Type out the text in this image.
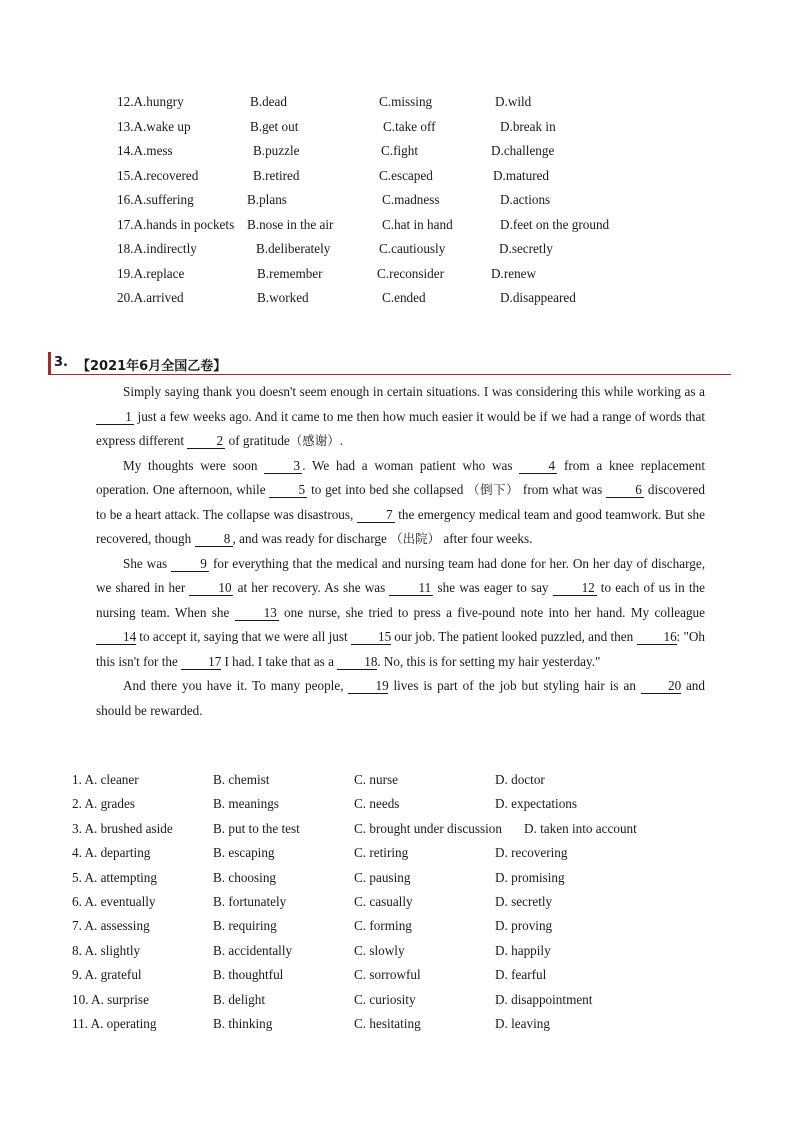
12.A.hungry	B.dead	C.missing	D.wild
13.A.wake up	B.get out	C.take off	D.break in
14.A.mess	B.puzzle	C.fight	D.challenge
15.A.recovered	B.retired	C.escaped	D.matured
16.A.suffering	B.plans	C.madness	D.actions
17.A.hands in pockets B.nose in the air	C.hat in hand	D.feet on the ground
18.A.indirectly	B.deliberately	C.cautiously	D.secretly
19.A.replace	B.remember	C.reconsider	D.renew
20.A.arrived	B.worked	C.ended	D.disappeared
3. 【2021年6月全国乙卷】

Simply saying thank you doesn't seem enough in certain situations. I was considering this while working as a 1 just a few weeks ago. And it came to me then how much easier it would be if we had a range of words that express different 2 of gratitude（感谢）.

My thoughts were soon 3 . We had a woman patient who was 4 from a knee replacement operation. One afternoon, while 5 to get into bed she collapsed （倒下） from what was 6 discovered to be a heart attack. The collapse was disastrous, 7 the emergency medical team and good teamwork. But she recovered, though 8 , and was ready for discharge （出院） after four weeks.

She was 9 for everything that the medical and nursing team had done for her. On her day of discharge, we shared in her 10 at her recovery. As she was 11 she was eager to say 12 to each of us in the nursing team. When she 13 one nurse, she tried to press a five-pound note into her hand. My colleague 14 to accept it, saying that we were all just 15 our job. The patient looked puzzled, and then 16: "Oh this isn't for the 17 I had. I take that as a 18. No, this is for setting my hair yesterday."

And there you have it. To many people, 19 lives is part of the job but styling hair is an 20 and should be rewarded.

1. A. cleaner	B. chemist	C. nurse	D. doctor
2. A. grades	B. meanings	C. needs	D. expectations
3. A. brushed aside	B. put to the test	C. brought under discussion D. taken into account
4. A. departing	B. escaping	C. retiring	D. recovering
5. A. attempting	B. choosing	C. pausing	D. promising
6. A. eventually	B. fortunately	C. casually	D. secretly
7. A. assessing	B. requiring	C. forming	D. proving
8. A. slightly	B. accidentally	C. slowly	D. happily
9. A. grateful	B. thoughtful	C. sorrowful	D. fearful
10. A. surprise	B. delight	C. curiosity	D. disappointment
11. A. operating	B. thinking	C. hesitating	D. leaving
